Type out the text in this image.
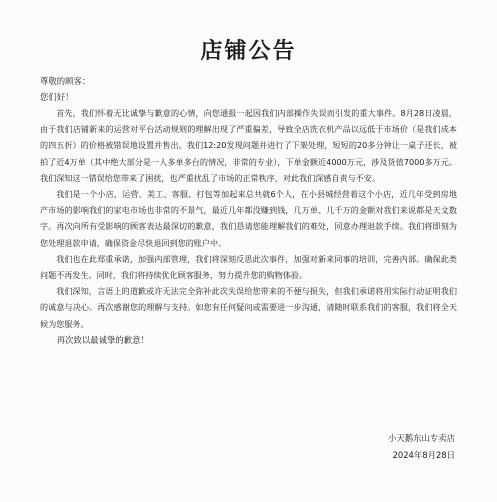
店铺公告

尊敬的顾客：

您们好！

首先，我们怀着无比诚挚与歉意的心情，向您通报一起因我们内部操作失误而引发的重大事件。8月28日凌晨，由于我们店铺新来的运营对平台活动规则的理解出现了严重偏差，导致全店洗衣机产品以远低于市场价（是我们成本的四五折）的价格被错误地设置并售出。我们12:20发现问题并进行了下架处理，短短的20多分钟让一桌子还长，被拍了近4万单（其中绝大部分是一人多单多台的情况，非常的专业），下单金额近4000万元，涉及货值7000多万元。我们深知这一错误给您带来了困扰，也严重扰乱了市场的正常秩序，对此我们深感自责与不安。

我们是一个小店，运营、美工、客服、打包等加起来总共就6个人，在小县城经营着这个小店，近几年受到房地产市场的影响我们的家电市场也非常的不景气，最近几年都没赚到钱，几万单、几千万的金额对我们来说都是天文数字。再次向所有受影响的顾客表达最深切的歉意，我们恳请您能理解我们的难处，同意办理退款手续。我们将即刻为您处理退款申请，确保资金尽快退回到您的账户中。

我们也在此郑重承诺，加强内部管理，我们将深刻反思此次事件，加强对新来同事的培训，完善内部。确保此类问题不再发生。同时，我们将持续优化顾客服务，努力提升您的购物体验。

我们深知，言语上的道歉或许无法完全弥补此次失误给您带来的不便与损失，但我们承诺将用实际行动证明我们的诚意与决心。再次感谢您的理解与支持。如您有任何疑问或需要进一步沟通，请随时联系我们的客服，我们将全天候为您服务。

再次致以最诚挚的歉意！

小天鹅东山专卖店
2024年8月28日
